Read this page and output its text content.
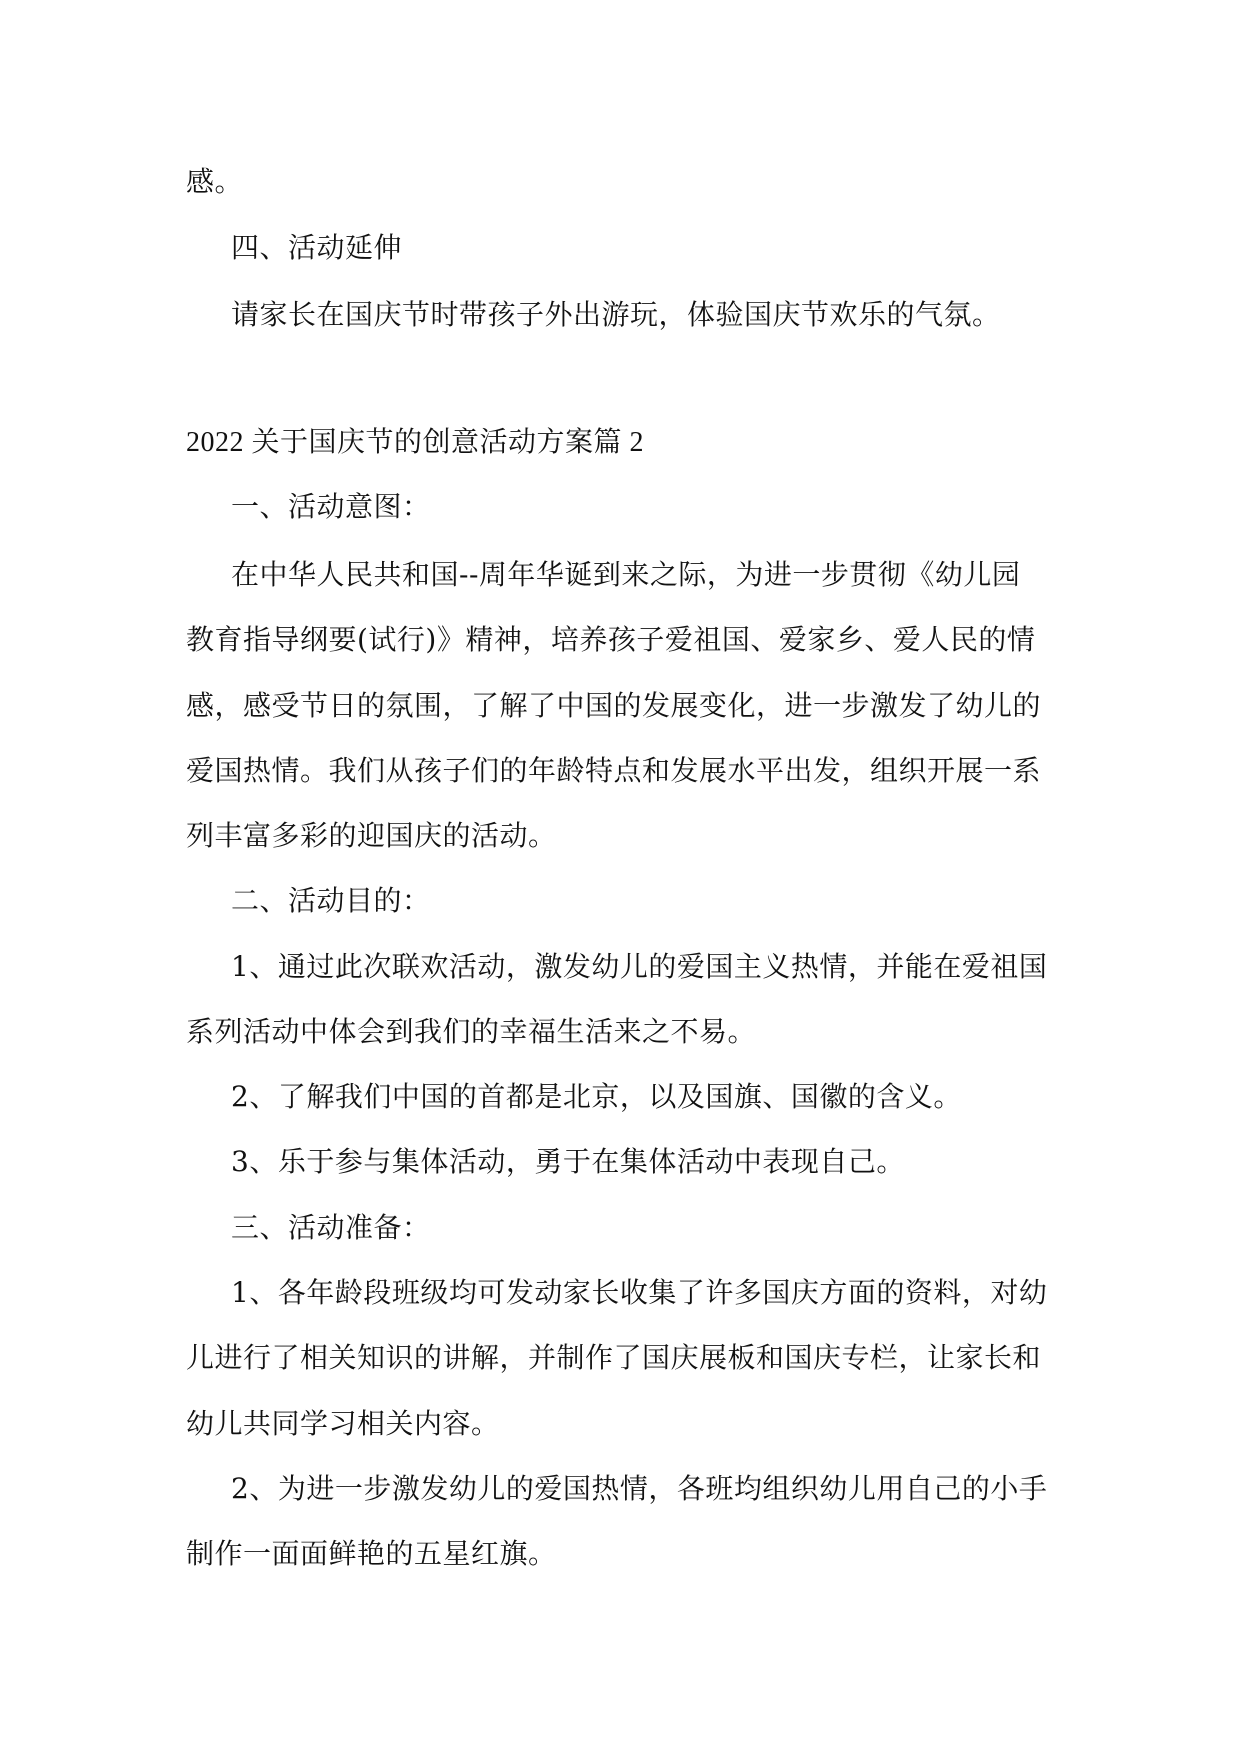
感。

四、活动延伸

请家长在国庆节时带孩子外出游玩，体验国庆节欢乐的气氛。

2022 关于国庆节的创意活动方案篇 2

一、活动意图：

在中华人民共和国--周年华诞到来之际，为进一步贯彻《幼儿园

教育指导纲要(试行)》精神，培养孩子爱祖国、爱家乡、爱人民的情

感，感受节日的氛围，了解了中国的发展变化，进一步激发了幼儿的

爱国热情。我们从孩子们的年龄特点和发展水平出发，组织开展一系

列丰富多彩的迎国庆的活动。

二、活动目的：

1、通过此次联欢活动，激发幼儿的爱国主义热情，并能在爱祖国

系列活动中体会到我们的幸福生活来之不易。

2、了解我们中国的首都是北京，以及国旗、国徽的含义。

3、乐于参与集体活动，勇于在集体活动中表现自己。

三、活动准备：

1、各年龄段班级均可发动家长收集了许多国庆方面的资料，对幼

儿进行了相关知识的讲解，并制作了国庆展板和国庆专栏，让家长和

幼儿共同学习相关内容。

2、为进一步激发幼儿的爱国热情，各班均组织幼儿用自己的小手

制作一面面鲜艳的五星红旗。
